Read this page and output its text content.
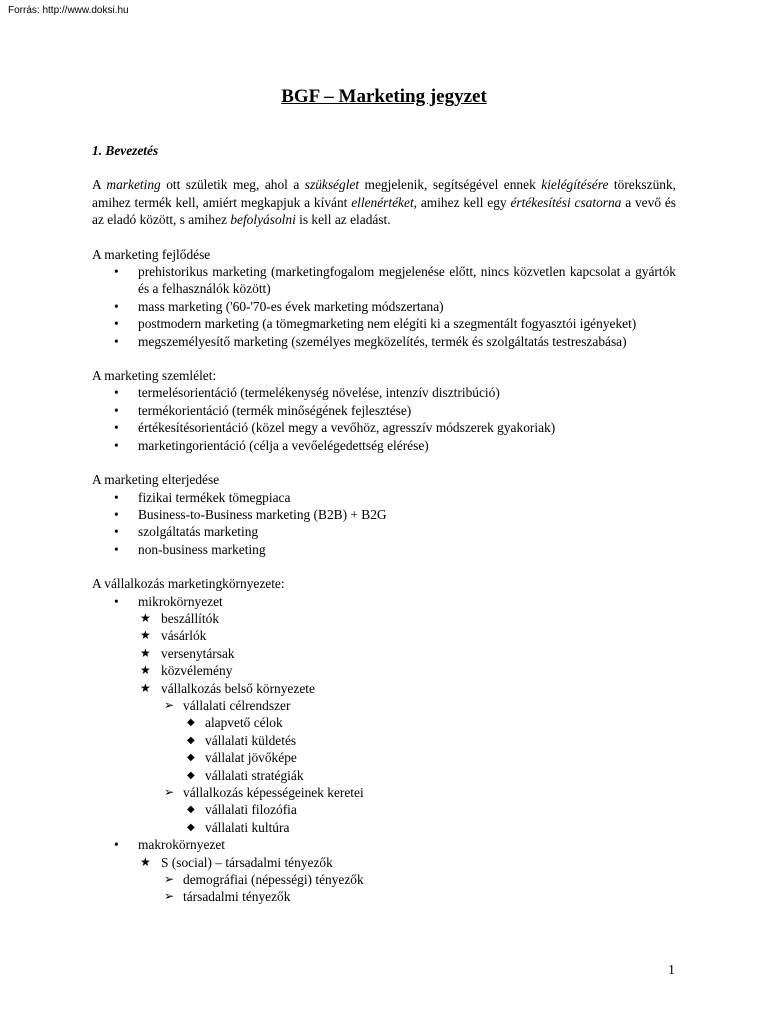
Forrás: http://www.doksi.hu
BGF – Marketing jegyzet
1. Bevezetés
A marketing ott születik meg, ahol a szükséglet megjelenik, segítségével ennek kielégítésére törekszünk, amihez termék kell, amiért megkapjuk a kívánt ellenértéket, amihez kell egy értékesítési csatorna a vevő és az eladó között, s amihez befolyásolni is kell az eladást.
A marketing fejlődése
• prehistorikus marketing (marketingfogalom megjelenése előtt, nincs közvetlen kapcsolat a gyártók és a felhasználók között)
• mass marketing ('60-'70-es évek marketing módszertana)
• postmodern marketing (a tömegmarketing nem elégíti ki a szegmentált fogyasztói igényeket)
• megszemélyesítő marketing (személyes megközelítés, termék és szolgáltatás testreszabása)
A marketing szemlélet:
• termelésorientáció (termelékenység növelése, intenzív disztribúció)
• termékorientáció (termék minőségének fejlesztése)
• értékesítésorientáció (közel megy a vevőhöz, agresszív módszerek gyakoriak)
• marketingorientáció (célja a vevőelégedettség elérése)
A marketing elterjedése
• fizikai termékek tömegpiaca
• Business-to-Business marketing (B2B) + B2G
• szolgáltatás marketing
• non-business marketing
A vállalkozás marketingkörnyezete:
• mikrokörnyezet
★ beszállítók
★ vásárlók
★ versenytársak
★ közvélemény
★ vállalkozás belső környezete
➢ vállalati célrendszer
◆ alapvető célok
◆ vállalati küldetés
◆ vállalat jövőképe
◆ vállalati stratégiák
➢ vállalkozás képességeinek keretei
◆ vállalati filozófia
◆ vállalati kultúra
• makrokörnyezet
★ S (social) – társadalmi tényezők
➢ demográfiai (népességi) tényezők
➢ társadalmi tényezők
1
